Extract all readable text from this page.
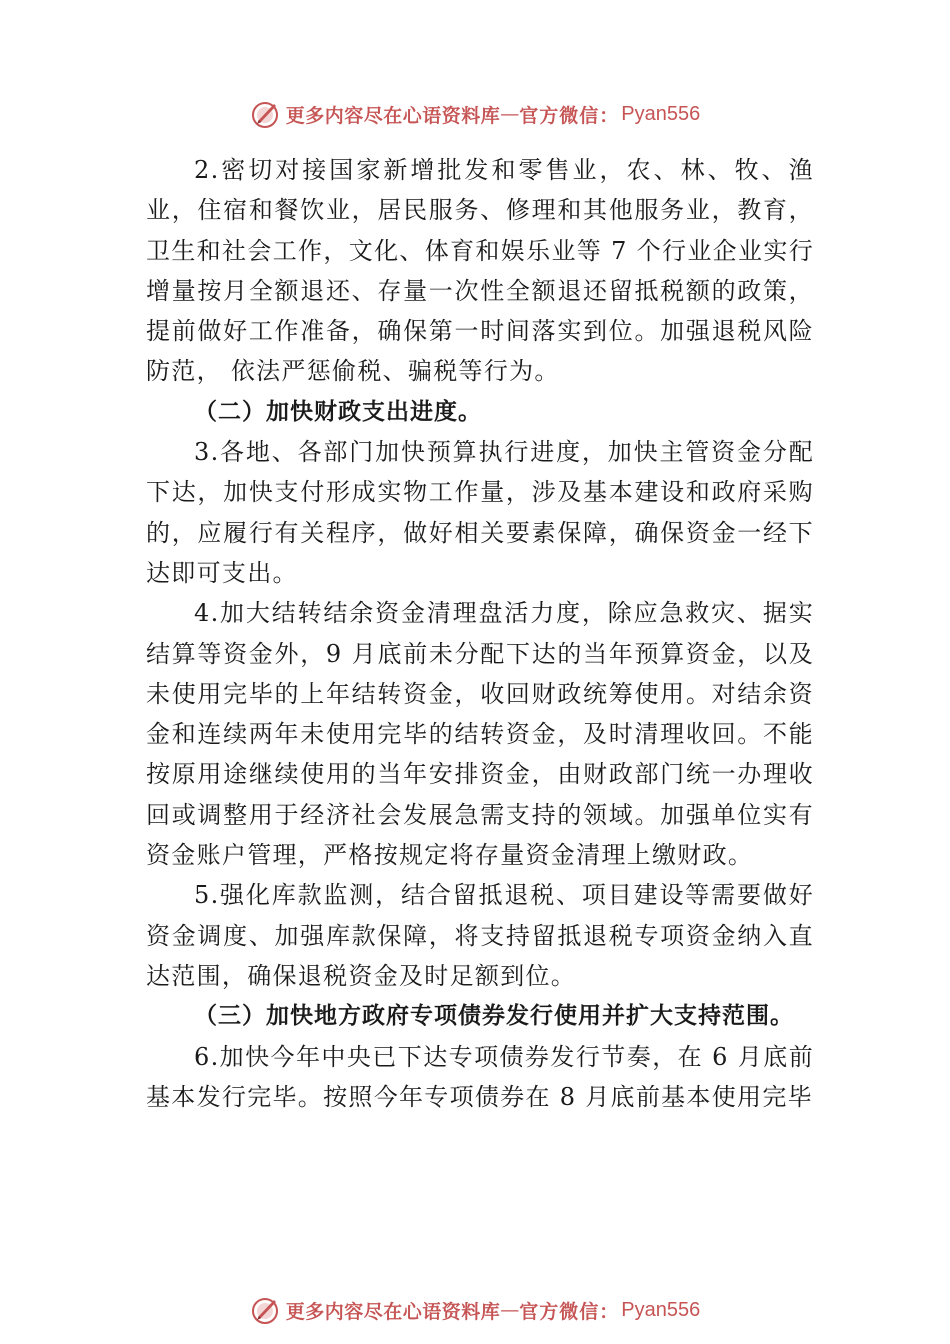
更多内容尽在心语资料库 — 官方微信： Pyan556

2.密切对接国家新增批发和零售业，农、林、牧、渔业，住宿和餐饮业，居民服务、修理和其他服务业，教育，卫生和社会工作，文化、体育和娱乐业等 7 个行业企业实行增量按月全额退还、存量一次性全额退还留抵税额的政策，提前做好工作准备，确保第一时间落实到位。加强退税风险防范， 依法严惩偷税、骗税等行为。

（二）加快财政支出进度。

3.各地、各部门加快预算执行进度，加快主管资金分配下达，加快支付形成实物工作量，涉及基本建设和政府采购的，应履行有关程序，做好相关要素保障，确保资金一经下达即可支出。

4.加大结转结余资金清理盘活力度，除应急救灾、据实结算等资金外，9 月底前未分配下达的当年预算资金，以及未使用完毕的上年结转资金，收回财政统筹使用。对结余资金和连续两年未使用完毕的结转资金，及时清理收回。不能按原用途继续使用的当年安排资金，由财政部门统一办理收回或调整用于经济社会发展急需支持的领域。加强单位实有资金账户管理，严格按规定将存量资金清理上缴财政。

5.强化库款监测，结合留抵退税、项目建设等需要做好资金调度、加强库款保障，将支持留抵退税专项资金纳入直达范围，确保退税资金及时足额到位。

（三）加快地方政府专项债券发行使用并扩大支持范围。

6.加快今年中央已下达专项债券发行节奏，在 6 月底前基本发行完毕。按照今年专项债券在 8 月底前基本使用完毕

更多内容尽在心语资料库 — 官方微信： Pyan556
